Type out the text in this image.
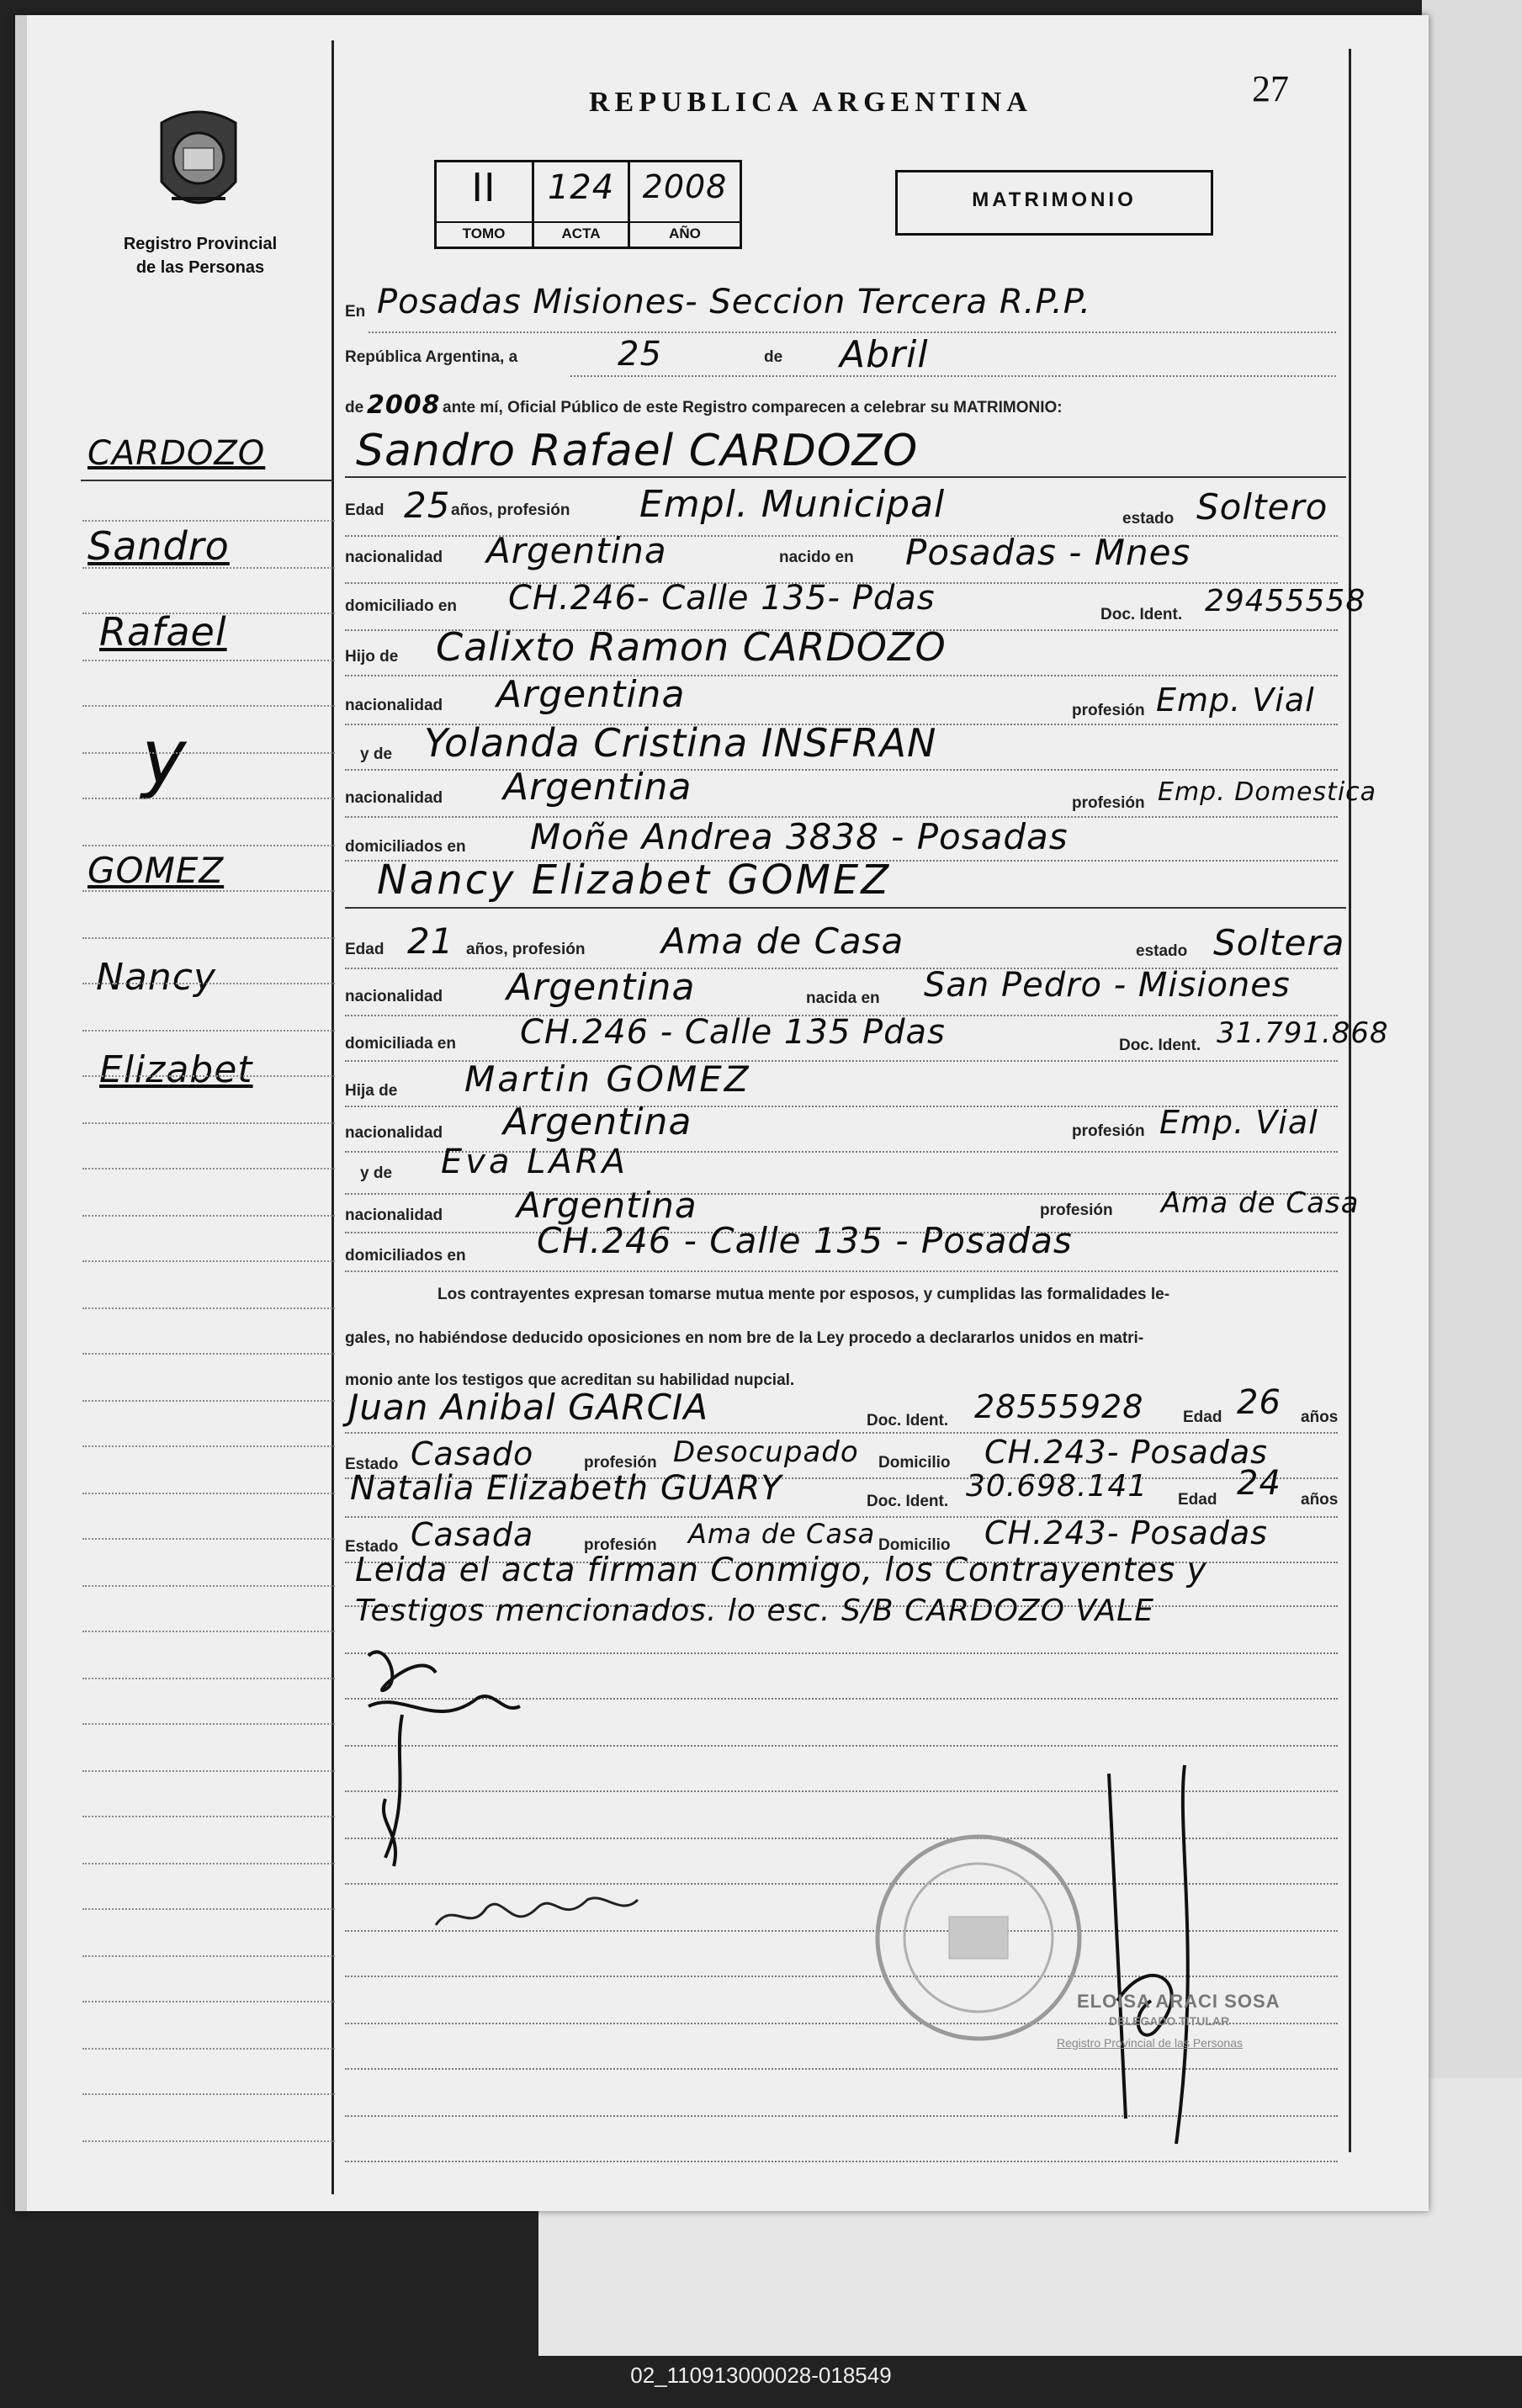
Registro Provincial
de las Personas
REPUBLICA ARGENTINA	27
II	124 2008
TOMO	ACTA	AÑO
MATRIMONIO
CARDOZO
Sandro
Rafael
y
GOMEZ
Nancy
Elizabet
En Posadas Misiones- Seccion Tercera R.P.P.
República Argentina, a	25	de Abril
de 2008 ante mí, Oficial Público de este Registro comparecen a celebrar su MATRIMONIO:
Sandro Rafael CARDOZO
Edad 25 años, profesión Empl. Municipal	estado Soltero
nacionalidad Argentina	nacido en Posadas - Mnes
domiciliado en CH.246- Calle 135- Pdas	Doc. Ident. 29455558
Hijo de Calixto Ramon CARDOZO
nacionalidad Argentina	profesión Emp. Vial
y de Yolanda Cristina INSFRAN
nacionalidad Argentina	profesión Emp. Domestica
domiciliados en Moñe Andrea 3838 - Posadas
Nancy Elizabet GOMEZ
Edad 21 años, profesión Ama de Casa	estado Soltera
nacionalidad Argentina	nacida en San Pedro - Misiones
domiciliada en CH.246 - Calle 135 Pdas	Doc. Ident. 31.791.868
Hija de Martin GOMEZ
nacionalidad Argentina	profesión Emp. Vial
y de Eva LARA
nacionalidad Argentina	profesión Ama de Casa
domiciliados en CH.246 - Calle 135 - Posadas
Los contrayentes expresan tomarse mutua mente por esposos, y cumplidas las formalidades le-
gales, no habiéndose deducido oposiciones en nom bre de la Ley procedo a declararlos unidos en matri-
monio ante los testigos que acreditan su habilidad nupcial.
Juan Anibal GARCIA	Doc. Ident. 28555928 Edad 26 años
Estado Casado	profesión Desocupado Domicilio CH.243- Posadas
Natalia Elizabeth GUARY	Doc. Ident. 30.698.141 Edad 24 años
Estado Casada	profesión Ama de Casa Domicilio CH.243- Posadas
Leida el acta firman Conmigo, los Contrayentes y
Testigos mencionados. lo esc. S/B CARDOZO VALE
ELOISA ARACI SOSA
DELEGADO TITULAR
Registro Provincial de las Personas
02_110913000028-018549
